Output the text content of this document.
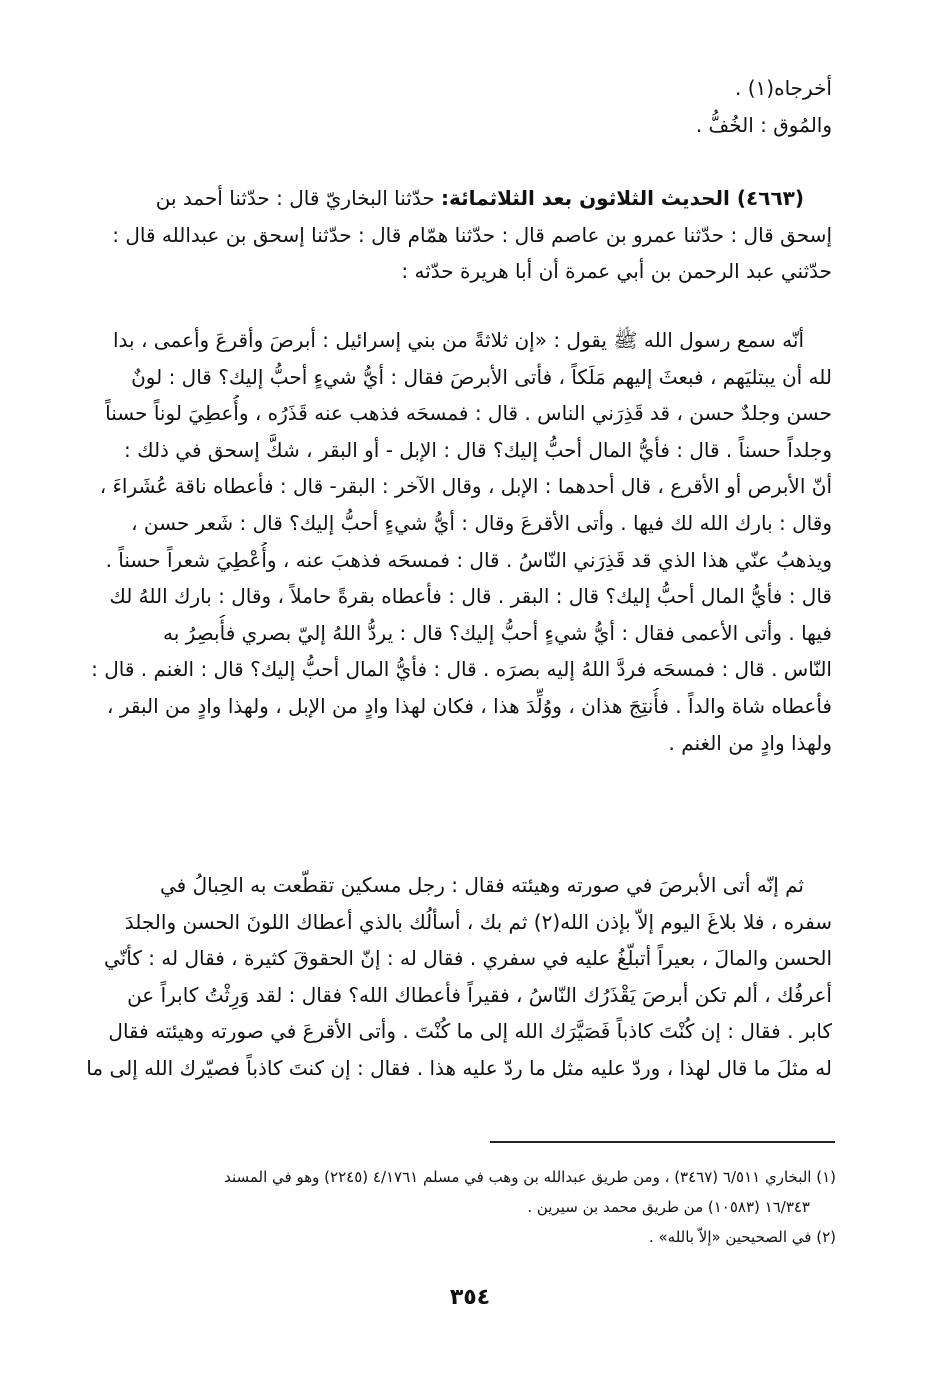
أخرجاه(١) .
والمُوق : الخُفُّ .
(٤٦٦٣) الحديث الثلاثون بعد الثلاثمائة: حدّثنا البخاريّ قال : حدّثنا أحمد بن
إسحق قال : حدّثنا عمرو بن عاصم قال : حدّثنا همّام قال : حدّثنا إسحق بن عبدالله قال :
حدّثني عبد الرحمن بن أبي عمرة أن أبا هريرة حدّثه :
أنّه سمع رسول الله ﷺ يقول : «إن ثلاثةً من بني إسرائيل : أبرصَ وأقرعَ وأعمى ، بدا
لله أن يبتليَهم ، فبعثَ إليهم مَلَكاً ، فأتى الأبرصَ فقال : أيُّ شيءٍ أحبُّ إليك؟ قال : لونٌ
حسن وجلدٌ حسن ، قد قَذِرَني الناس . قال : فمسحَه فذهب عنه قَذَرُه ، وأُعطِيَ لوناً حسناً
وجلداً حسناً . قال : فأيُّ المال أحبُّ إليك؟ قال : الإبل - أو البقر ، شكَّ إسحق في ذلك :
أنّ الأبرص أو الأقرع ، قال أحدهما : الإبل ، وقال الآخر : البقر- قال : فأعطاه ناقة عُشَراءَ ،
وقال : بارك الله لك فيها . وأتى الأقرعَ وقال : أيُّ شيءٍ أحبُّ إليك؟ قال : شَعر حسن ،
ويذهبُ عنّي هذا الذي قد قَذِرَني النّاسُ . قال : فمسحَه فذهبَ عنه ، وأُعْطِيَ شعراً حسناً .
قال : فأيُّ المال أحبُّ إليك؟ قال : البقر . قال : فأعطاه بقرةً حاملاً ، وقال : بارك اللهُ لك
فيها . وأتى الأعمى فقال : أيُّ شيءٍ أحبُّ إليك؟ قال : يردُّ اللهُ إليّ بصري فأُبصِرُ به
النّاس . قال : فمسحَه فردَّ اللهُ إليه بصرَه . قال : فأيُّ المال أحبُّ إليك؟ قال : الغنم . قال :
فأعطاه شاة والداً . فأُنتِجَ هذان ، ووُلِّدَ هذا ، فكان لهذا وادٍ من الإبل ، ولهذا وادٍ من البقر ،
ولهذا وادٍ من الغنم .
ثم إنّه أتى الأبرصَ في صورته وهيئته فقال : رجل مسكين تقطّعت به الحِبالُ في
سفره ، فلا بلاغَ اليوم إلاّ بإذن الله(٢) ثم بك ، أسألُك بالذي أعطاك اللونَ الحسن والجلدَ
الحسن والمالَ ، بعيراً أتبلّغُ عليه في سفري . فقال له : إنّ الحقوقَ كثيرة ، فقال له : كأنّي
أعرفُك ، ألم تكن أبرصَ يَقْذَرُك النّاسُ ، فقيراً فأعطاك الله؟ فقال : لقد وَرِثْتُ كابراً عن
كابر . فقال : إن كُنْتَ كاذباً فَصَيَّرَك الله إلى ما كُنْتَ . وأتى الأقرعَ في صورته وهيئته فقال
له مثلَ ما قال لهذا ، وردّ عليه مثل ما ردّ عليه هذا . فقال : إن كنتَ كاذباً فصيّرك الله إلى ما
(١) البخاري ٦/٥١١ (٣٤٦٧) ، ومن طريق عبدالله بن وهب في مسلم ٤/١٧٦١ (٢٢٤٥) وهو في المسند
١٦/٣٤٣ (١٠٥٨٣) من طريق محمد بن سيرين .
(٢) في الصحيحين «إلاّ بالله» .
٣٥٤
